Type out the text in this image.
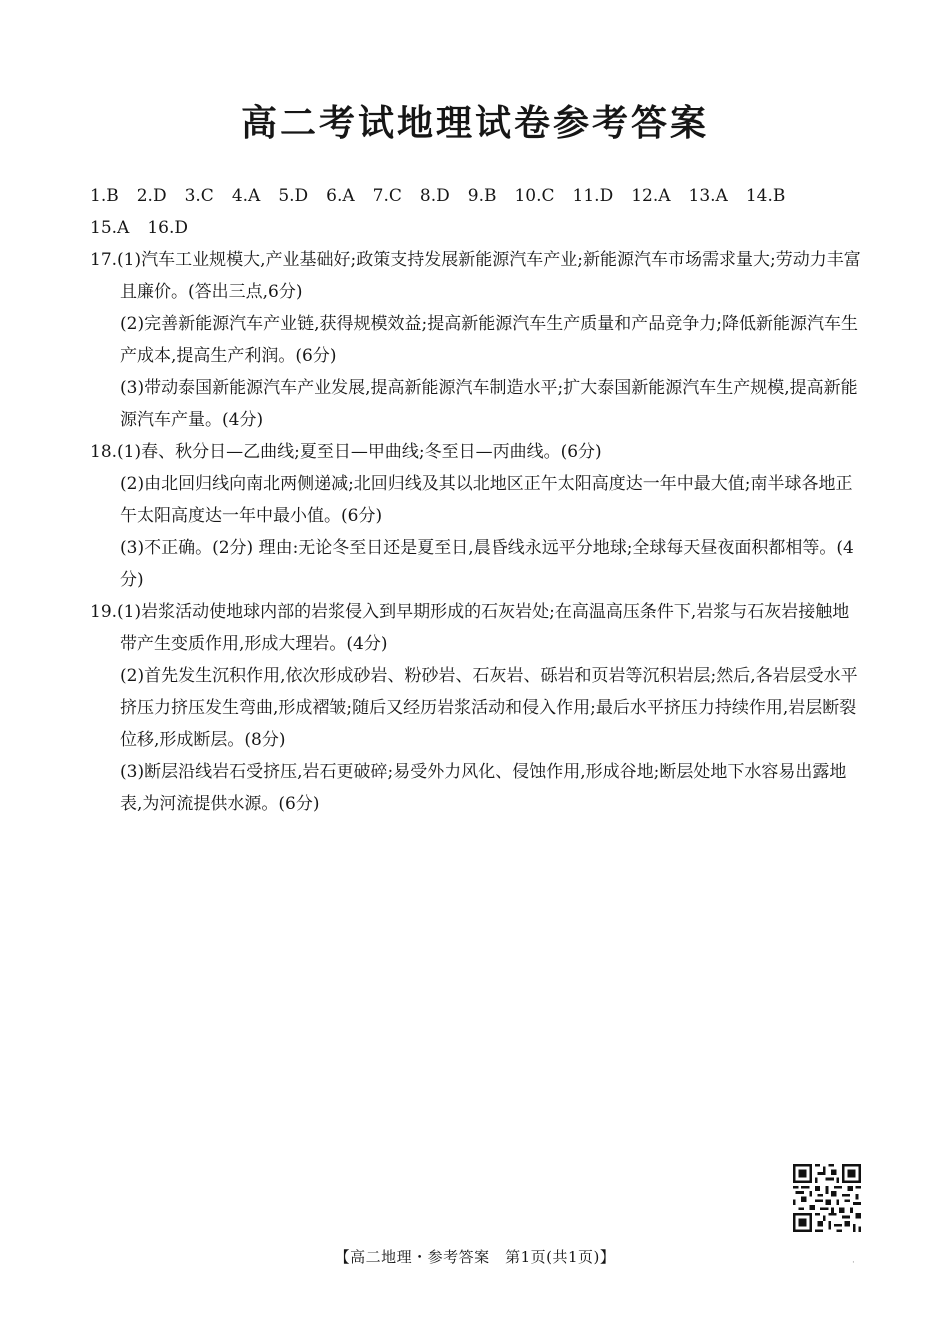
高二考试地理试卷参考答案
1.B 2.D 3.C 4.A 5.D 6.A 7.C 8.D 9.B 10.C 11.D 12.A 13.A 14.B
15.A 16.D
17.(1)汽车工业规模大,产业基础好;政策支持发展新能源汽车产业;新能源汽车市场需求量大;劳动力丰富且廉价。(答出三点,6分)
(2)完善新能源汽车产业链,获得规模效益;提高新能源汽车生产质量和产品竞争力;降低新能源汽车生产成本,提高生产利润。(6分)
(3)带动泰国新能源汽车产业发展,提高新能源汽车制造水平;扩大泰国新能源汽车生产规模,提高新能源汽车产量。(4分)
18.(1)春、秋分日—乙曲线;夏至日—甲曲线;冬至日—丙曲线。(6分)
(2)由北回归线向南北两侧递减;北回归线及其以北地区正午太阳高度达一年中最大值;南半球各地正午太阳高度达一年中最小值。(6分)
(3)不正确。(2分) 理由:无论冬至日还是夏至日,晨昏线永远平分地球;全球每天昼夜面积都相等。(4分)
19.(1)岩浆活动使地球内部的岩浆侵入到早期形成的石灰岩处;在高温高压条件下,岩浆与石灰岩接触地带产生变质作用,形成大理岩。(4分)
(2)首先发生沉积作用,依次形成砂岩、粉砂岩、石灰岩、砾岩和页岩等沉积岩层;然后,各岩层受水平挤压力挤压发生弯曲,形成褶皱;随后又经历岩浆活动和侵入作用;最后水平挤压力持续作用,岩层断裂位移,形成断层。(8分)
(3)断层沿线岩石受挤压,岩石更破碎;易受外力风化、侵蚀作用,形成谷地;断层处地下水容易出露地表,为河流提供水源。(6分)
【高二地理・参考答案　第1页(共1页)】	·
